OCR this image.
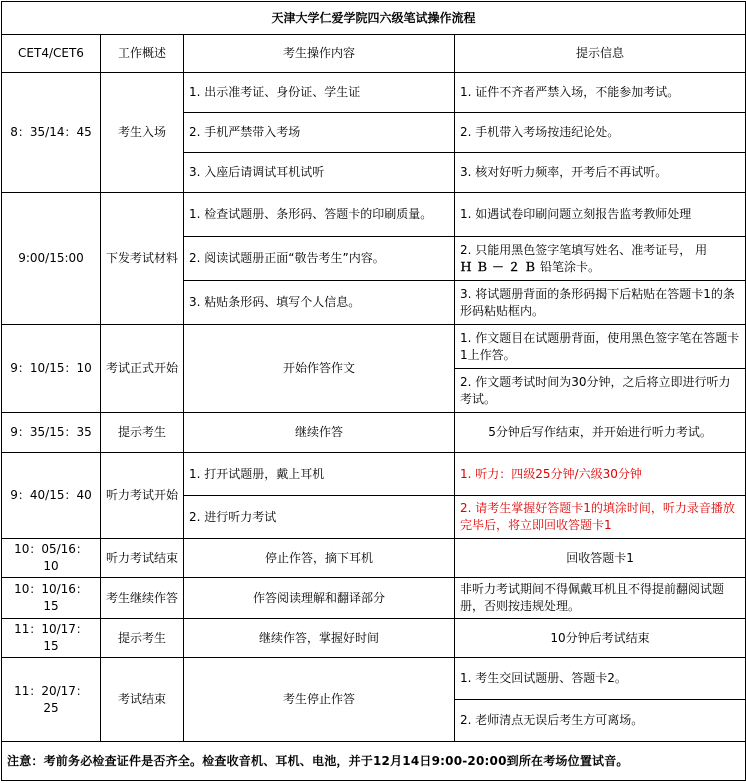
天津大学仁爱学院四六级笔试操作流程			
CET4/CET6	工作概述	考生操作内容	提示信息
8：35/14：45	考生入场	1. 出示准考证、身份证、学生证	1. 证件不齐者严禁入场，不能参加考试。
		2. 手机严禁带入考场	2. 手机带入考场按违纪论处。
		3. 入座后请调试耳机试听	3. 核对好听力频率，开考后不再试听。
9:00/15:00	下发考试材料	1. 检查试题册、条形码、答题卡的印刷质量。	1. 如遇试卷印刷问题立刻报告监考教师处理
		2. 阅读试题册正面“敬告考生”内容。	2. 只能用黑色签字笔填写姓名、准考证号， 用
ＨＢ－２Ｂ铅笔涂卡。
		3. 粘贴条形码、填写个人信息。	3. 将试题册背面的条形码揭下后粘贴在答题卡1的条形码粘贴框内。
9：10/15：10	考试正式开始	开始作答作文	1. 作文题目在试题册背面，使用黑色签字笔在答题卡1上作答。
			2. 作文题考试时间为30分钟，之后将立即进行听力考试。
9：35/15：35	提示考生	继续作答	5分钟后写作结束，并开始进行听力考试。
9：40/15：40	听力考试开始	1. 打开试题册，戴上耳机	1. 听力：四级25分钟/六级30分钟
		2. 进行听力考试	2. 请考生掌握好答题卡1的填涂时间，听力录音播放完毕后，将立即回收答题卡1
10：05/16：10	听力考试结束	停止作答，摘下耳机	回收答题卡1
10：10/16：15	考生继续作答	作答阅读理解和翻译部分	非听力考试期间不得佩戴耳机且不得提前翻阅试题册，否则按违规处理。
11：10/17：15	提示考生	继续作答，掌握好时间	10分钟后考试结束
11：20/17：25	考试结束	考生停止作答	1. 考生交回试题册、答题卡2。
			2. 老师清点无误后考生方可离场。
注意：考前务必检查证件是否齐全。检查收音机、耳机、电池，并于12月14日9:00-20:00到所在考场位置试音。			
